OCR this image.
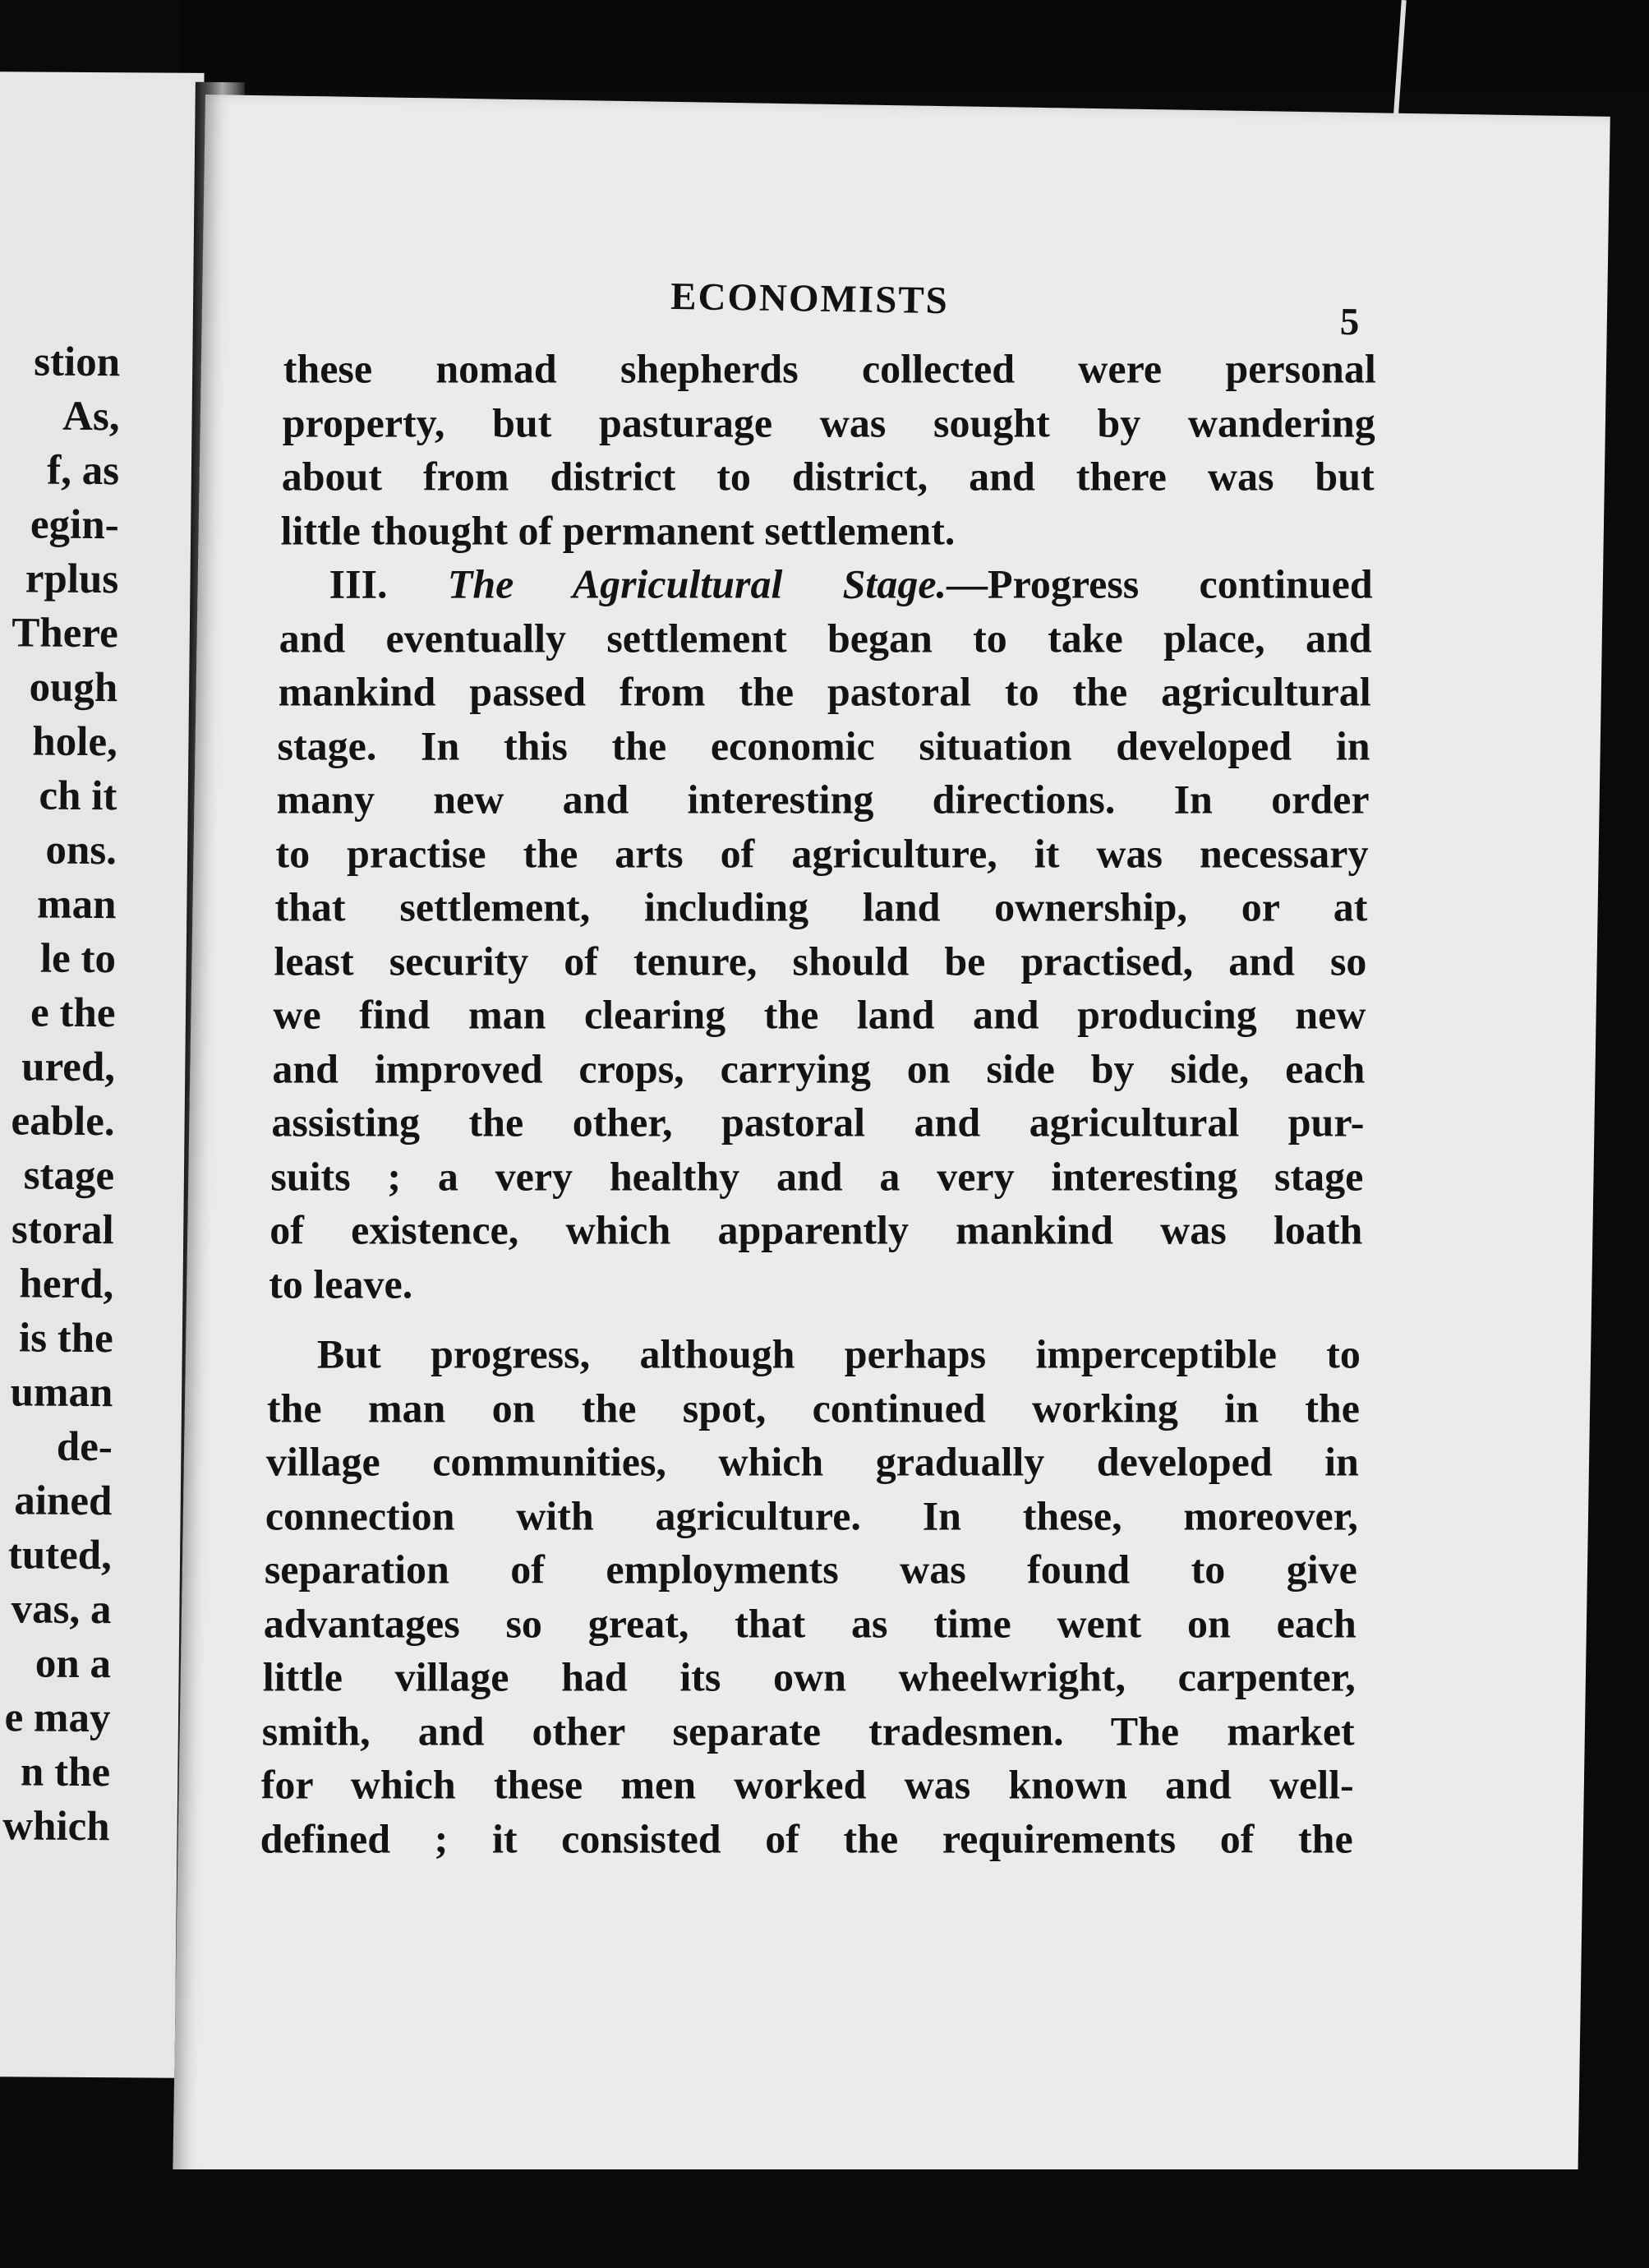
stion
As,
f, as
egin-
rplus
There
ough
hole,
ch it
ons.
man
le to
e the
ured,
eable.
stage
storal
herd,
is the
uman
de-
ained
tuted,
vas, a
on a
e may
n the
which
ECONOMISTS	5
these nomad shepherds collected were personal
property, but pasturage was sought by wandering
about from district to district, and there was but
little thought of permanent settlement.
III. The Agricultural Stage.—Progress continued
and eventually settlement began to take place, and
mankind passed from the pastoral to the agricultural
stage. In this the economic situation developed in
many new and interesting directions. In order
to practise the arts of agriculture, it was necessary
that settlement, including land ownership, or at
least security of tenure, should be practised, and so
we find man clearing the land and producing new
and improved crops, carrying on side by side, each
assisting the other, pastoral and agricultural pur-
suits ; a very healthy and a very interesting stage
of existence, which apparently mankind was loath
to leave.
But progress, although perhaps imperceptible to
the man on the spot, continued working in the
village communities, which gradually developed in
connection with agriculture. In these, moreover,
separation of employments was found to give
advantages so great, that as time went on each
little village had its own wheelwright, carpenter,
smith, and other separate tradesmen. The market
for which these men worked was known and well-
defined ; it consisted of the requirements of the
